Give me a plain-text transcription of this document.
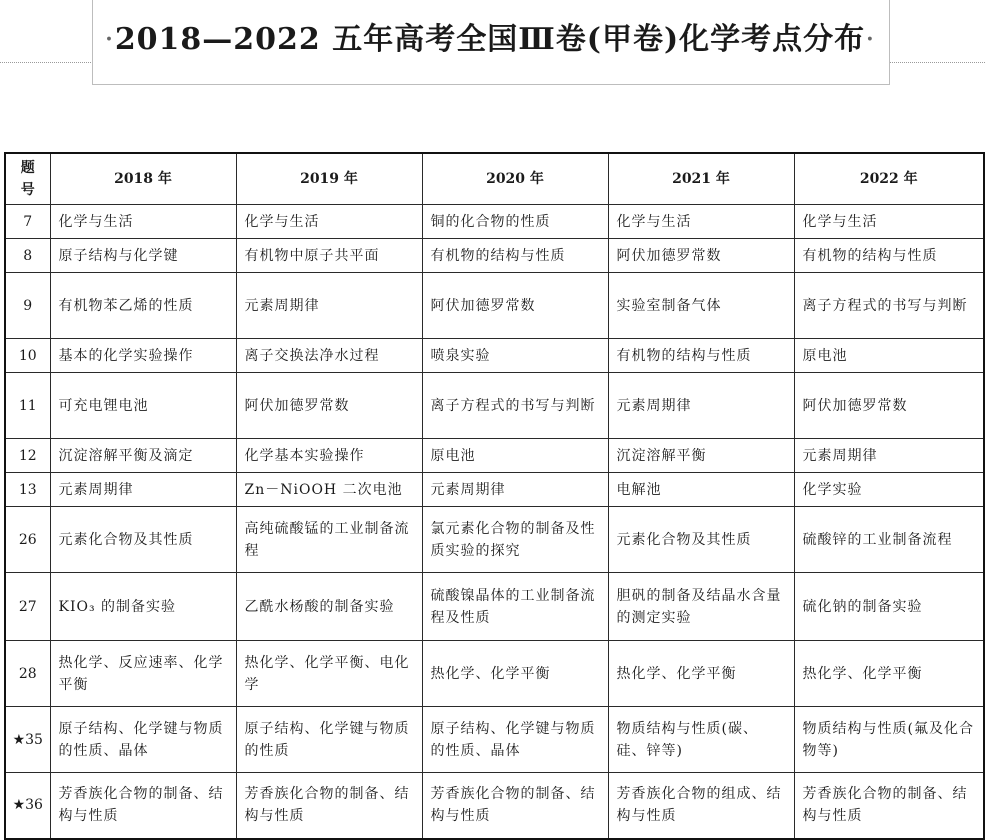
·2018—2022 五年高考全国Ⅲ卷(甲卷)化学考点分布·
题号	2018 年	2019 年	2020 年	2021 年	2022 年
7	化学与生活	化学与生活	铜的化合物的性质	化学与生活	化学与生活
8	原子结构与化学键	有机物中原子共平面	有机物的结构与性质	阿伏加德罗常数	有机物的结构与性质
9	有机物苯乙烯的性质	元素周期律	阿伏加德罗常数	实验室制备气体	离子方程式的书写与判断
10	基本的化学实验操作	离子交换法净水过程	喷泉实验	有机物的结构与性质	原电池
11	可充电锂电池	阿伏加德罗常数	离子方程式的书写与判断	元素周期律	阿伏加德罗常数
12	沉淀溶解平衡及滴定	化学基本实验操作	原电池	沉淀溶解平衡	元素周期律
13	元素周期律	Zn－NiOOH 二次电池	元素周期律	电解池	化学实验
26	元素化合物及其性质	高纯硫酸锰的工业制备流程	氯元素化合物的制备及性质实验的探究	元素化合物及其性质	硫酸锌的工业制备流程
27	KIO₃ 的制备实验	乙酰水杨酸的制备实验	硫酸镍晶体的工业制备流程及性质	胆矾的制备及结晶水含量的测定实验	硫化钠的制备实验
28	热化学、反应速率、化学平衡	热化学、化学平衡、电化学	热化学、化学平衡	热化学、化学平衡	热化学、化学平衡
★35	原子结构、化学键与物质的性质、晶体	原子结构、化学键与物质的性质	原子结构、化学键与物质的性质、晶体	物质结构与性质(碳、硅、锌等)	物质结构与性质(氟及化合物等)
★36	芳香族化合物的制备、结构与性质	芳香族化合物的制备、结构与性质	芳香族化合物的制备、结构与性质	芳香族化合物的组成、结构与性质	芳香族化合物的制备、结构与性质
